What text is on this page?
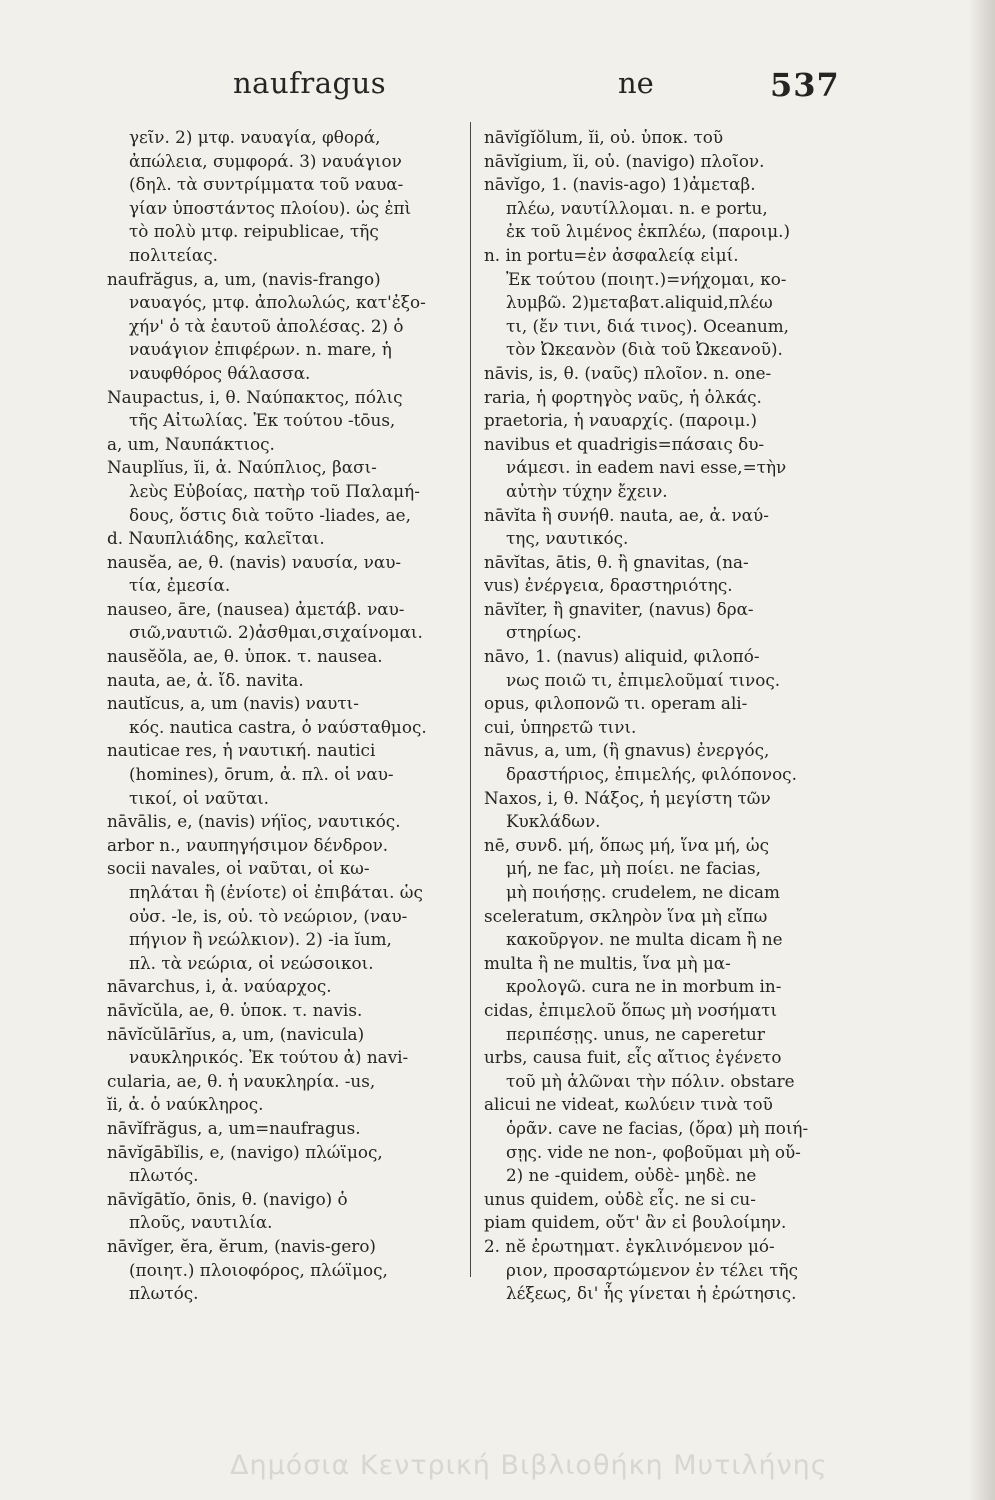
naufragus	ne	537
γεῖν. 2) μτφ. ναυαγία, φθορά,
ἀπώλεια, συμφορά. 3) ναυάγιον
(δηλ. τὰ συντρίμματα τοῦ ναυα-
γίαν ὑποστάντος πλοίου). ὡς ἐπὶ
τὸ πολὺ μτφ. reipublicae, τῆς
πολιτείας.
naufrăgus, a, um, (navis-frango)
ναυαγός, μτφ. ἀπολωλώς, κατ'ἐξο-
χήν' ὁ τὰ ἑαυτοῦ ἀπολέσας. 2) ὁ
ναυάγιον ἐπιφέρων. n. mare, ἡ
ναυφθόρος θάλασσα.
Naupactus, i, θ. Ναύπακτος, πόλις
τῆς Αἰτωλίας. Ἐκ τούτου -tōus,
a, um, Ναυπάκτιος.
Nauplĭus, ĭi, ἀ. Ναύπλιος, βασι-
λεὺς Εὐβοίας, πατὴρ τοῦ Παλαμή-
δους, ὅστις διὰ τοῦτο -liades, ae,
d. Ναυπλιάδης, καλεῖται.
nausĕa, ae, θ. (navis) ναυσία, ναυ-
τία, ἐμεσία.
nauseo, āre, (nausea) ἀμετάβ. ναυ-
σιῶ,ναυτιῶ. 2)ἀσθμαι,σιχαίνομαι.
nausĕŏla, ae, θ. ὑποκ. τ. nausea.
nauta, ae, ἀ. ἴδ. navita.
nautĭcus, a, um (navis) ναυτι-
κός. nautica castra, ὁ ναύσταθμος.
nauticae res, ἡ ναυτική. nautici
(homines), ōrum, ἀ. πλ. οἱ ναυ-
τικοί, οἱ ναῦται.
nāvālis, e, (navis) νήϊος, ναυτικός.
arbor n., ναυπηγήσιμον δένδρον.
socii navales, οἱ ναῦται, οἱ κω-
πηλάται ἢ (ἐνίοτε) οἱ ἐπιβάται. ὡς
οὐσ. -le, is, οὐ. τὸ νεώριον, (ναυ-
πήγιον ἢ νεώλκιον). 2) -ia ĭum,
πλ. τὰ νεώρια, οἱ νεώσοικοι.
nāvarchus, i, ἀ. ναύαρχος.
nāvĭcŭla, ae, θ. ὑποκ. τ. navis.
nāvĭcŭlārĭus, a, um, (navicula)
ναυκληρικός. Ἐκ τούτου ἀ) navi-
cularia, ae, θ. ἡ ναυκληρία. -us,
ĭi, ἀ. ὁ ναύκληρος.
nāvĭfrăgus, a, um=naufragus.
nāvĭgābĭlis, e, (navigo) πλώϊμος,
πλωτός.
nāvĭgātĭo, ōnis, θ. (navigo) ὁ
πλοῦς, ναυτιλία.
nāvĭger, ĕra, ĕrum, (navis-gero)
(ποιητ.) πλοιοφόρος, πλώϊμος,
πλωτός.
nāvĭgĭŏlum, ĭi, οὐ. ὑποκ. τοῦ
nāvĭgium, ĭi, οὐ. (navigo) πλοῖον.
nāvĭgo, 1. (navis-ago) 1)ἀμεταβ.
πλέω, ναυτίλλομαι. n. e portu,
ἐκ τοῦ λιμένος ἐκπλέω, (παροιμ.)
n. in portu=ἐν ἀσφαλείᾳ εἰμί.
Ἐκ τούτου (ποιητ.)=νήχομαι, κο-
λυμβῶ. 2)μεταβατ.aliquid,πλέω
τι, (ἔν τινι, διά τινος). Oceanum,
τὸν Ὠκεανὸν (διὰ τοῦ Ὠκεανοῦ).
nāvis, is, θ. (ναῦς) πλοῖον. n. one-
raria, ἡ φορτηγὸς ναῦς, ἡ ὁλκάς.
praetoria, ἡ ναυαρχίς. (παροιμ.)
navibus et quadrigis=πάσαις δυ-
νάμεσι. in eadem navi esse,=τὴν
αὐτὴν τύχην ἔχειν.
nāvĭta ἢ συνήθ. nauta, ae, ἀ. ναύ-
της, ναυτικός.
nāvĭtas, ātis, θ. ἢ gnavitas, (na-
vus) ἐνέργεια, δραστηριότης.
nāvĭter, ἢ gnaviter, (navus) δρα-
στηρίως.
nāvo, 1. (navus) aliquid, φιλοπό-
νως ποιῶ τι, ἐπιμελοῦμαί τινος.
opus, φιλοπονῶ τι. operam ali-
cui, ὑπηρετῶ τινι.
nāvus, a, um, (ἢ gnavus) ἐνεργός,
δραστήριος, ἐπιμελής, φιλόπονος.
Naxos, i, θ. Νάξος, ἡ μεγίστη τῶν
Κυκλάδων.
nē, συνδ. μή, ὅπως μή, ἵνα μή, ὡς
μή, ne fac, μὴ ποίει. ne facias,
μὴ ποιήσῃς. crudelem, ne dicam
sceleratum, σκληρὸν ἵνα μὴ εἴπω
κακοῦργον. ne multa dicam ἢ ne
multa ἢ ne multis, ἵνα μὴ μα-
κρολογῶ. cura ne in morbum in-
cidas, ἐπιμελοῦ ὅπως μὴ νοσήματι
περιπέσῃς. unus, ne caperetur
urbs, causa fuit, εἷς αἴτιος ἐγένετο
τοῦ μὴ ἁλῶναι τὴν πόλιν. obstare
alicui ne videat, κωλύειν τινὰ τοῦ
ὁρᾶν. cave ne facias, (ὅρα) μὴ ποιή-
σῃς. vide ne non-, φοβοῦμαι μὴ οὔ-
2) ne -quidem, οὐδὲ- μηδὲ. ne
unus quidem, οὐδὲ εἷς. ne si cu-
piam quidem, οὔτ' ἂν εἰ βουλοίμην.
2. nĕ ἐρωτηματ. ἐγκλινόμενον μό-
ριον, προσαρτώμενον ἐν τέλει τῆς
λέξεως, δι' ἧς γίνεται ἡ ἐρώτησις.
Δημόσια Κεντρική Βιβλιοθήκη Μυτιλήνης
